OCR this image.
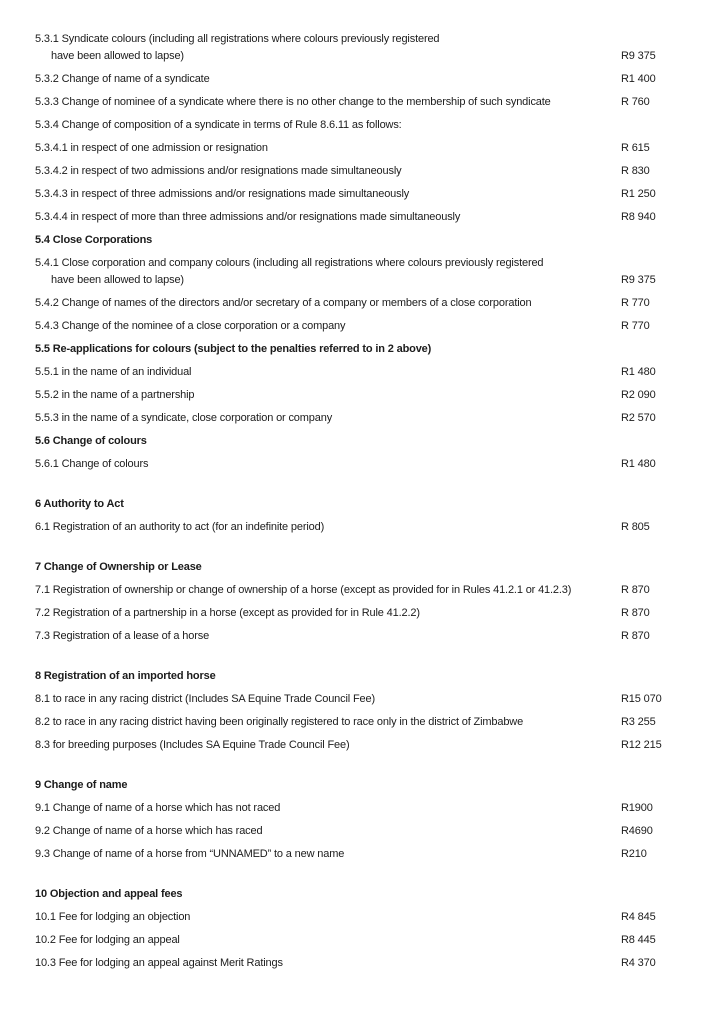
5.3.1 Syndicate colours (including all registrations where colours previously registered
have been allowed to lapse)	R9 375
5.3.2 Change of name of a syndicate	R1 400
5.3.3 Change of nominee of a syndicate where there is no other change to the membership of such syndicate	R 760
5.3.4 Change of composition of a syndicate in terms of Rule 8.6.11 as follows:
5.3.4.1 in respect of one admission or resignation	R 615
5.3.4.2 in respect of two admissions and/or resignations made simultaneously	R 830
5.3.4.3 in respect of three admissions and/or resignations made simultaneously	R1 250
5.3.4.4 in respect of more than three admissions and/or resignations made simultaneously	R8 940
5.4 Close Corporations
5.4.1 Close corporation and company colours (including all registrations where colours previously registered
have been allowed to lapse)	R9 375
5.4.2 Change of names of the directors and/or secretary of a company or members of a close corporation	R 770
5.4.3 Change of the nominee of a close corporation or a company	R 770
5.5 Re-applications for colours (subject to the penalties referred to in 2 above)
5.5.1 in the name of an individual	R1 480
5.5.2 in the name of a partnership	R2 090
5.5.3 in the name of a syndicate, close corporation or company	R2 570
5.6 Change of colours
5.6.1 Change of colours	R1 480
6 Authority to Act
6.1 Registration of an authority to act (for an indefinite period)	R 805
7 Change of Ownership or Lease
7.1 Registration of ownership or change of ownership of a horse (except as provided for in Rules 41.2.1 or 41.2.3)	R 870
7.2 Registration of a partnership in a horse (except as provided for in Rule 41.2.2)	R 870
7.3 Registration of a lease of a horse	R 870
8 Registration of an imported horse
8.1 to race in any racing district (Includes SA Equine Trade Council Fee)	R15 070
8.2 to race in any racing district having been originally registered to race only in the district of Zimbabwe	R3 255
8.3 for breeding purposes (Includes SA Equine Trade Council Fee)	R12 215
9 Change of name
9.1 Change of name of a horse which has not raced	R1900
9.2 Change of name of a horse which has raced	R4690
9.3 Change of name of a horse from “UNNAMED” to a new name	R210
10 Objection and appeal fees
10.1 Fee for lodging an objection	R4 845
10.2 Fee for lodging an appeal	R8 445
10.3 Fee for lodging an appeal against Merit Ratings	R4 370
